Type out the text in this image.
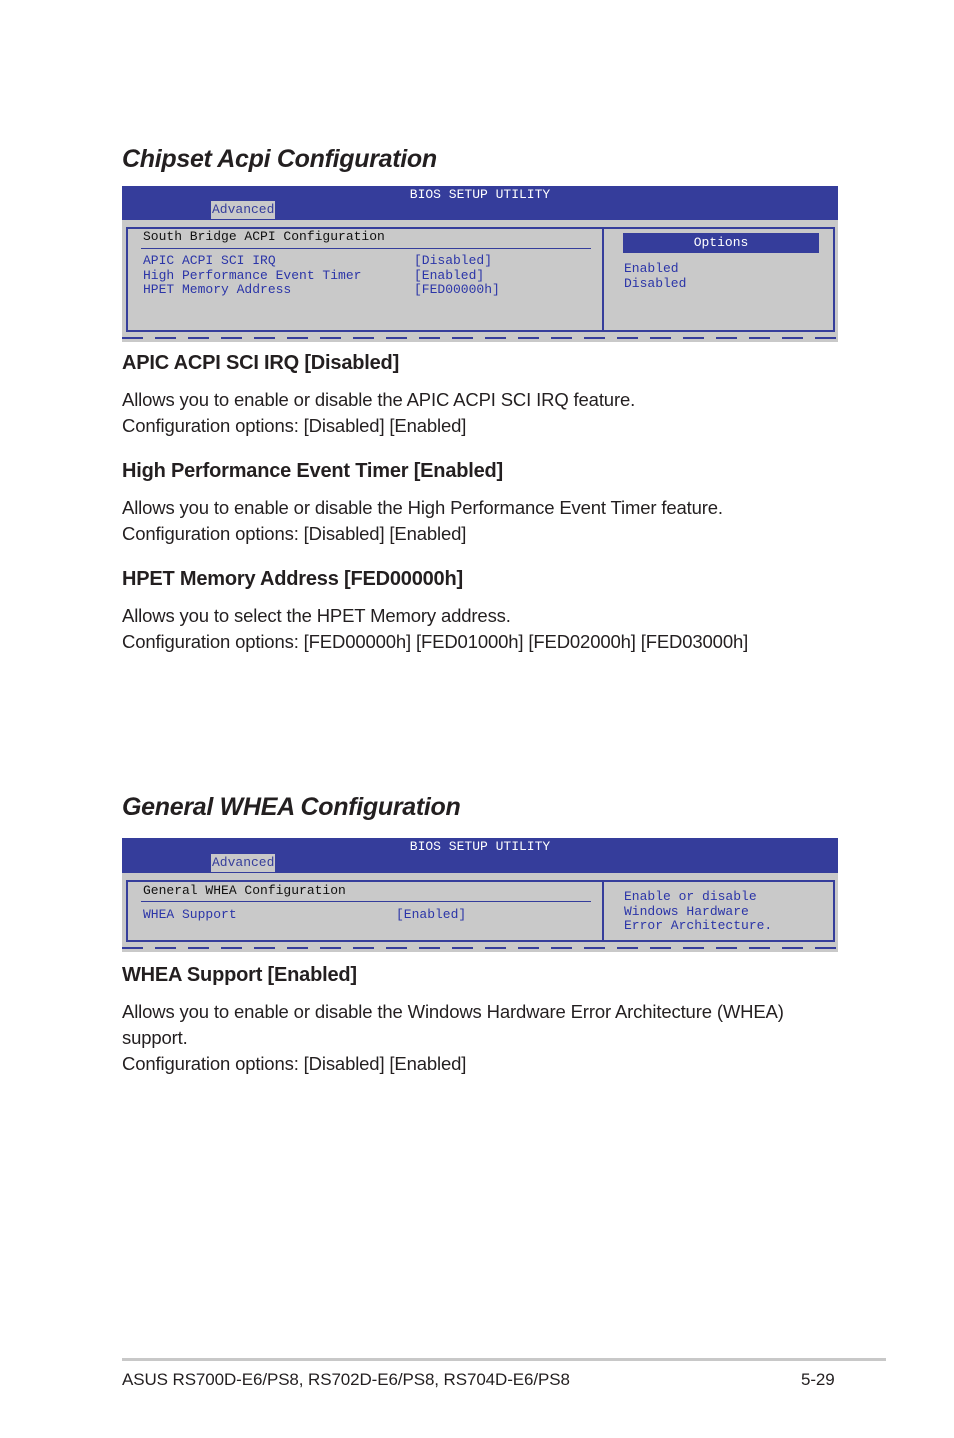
Chipset Acpi Configuration
BIOS SETUP UTILITY
Advanced
South Bridge ACPI Configuration
APIC ACPI SCI IRQ	[Disabled]
High Performance Event Timer	[Enabled]
HPET Memory Address	[FED00000h]
Options
Enabled
Disabled
APIC ACPI SCI IRQ [Disabled]

Allows you to enable or disable the APIC ACPI SCI IRQ feature.

Configuration options: [Disabled] [Enabled]

High Performance Event Timer [Enabled]

Allows you to enable or disable the High Performance Event Timer feature.

Configuration options: [Disabled] [Enabled]

HPET Memory Address [FED00000h]

Allows you to select the HPET Memory address.

Configuration options: [FED00000h] [FED01000h] [FED02000h] [FED03000h]

General WHEA Configuration
BIOS SETUP UTILITY
Advanced
General WHEA Configuration
WHEA Support	[Enabled]
Enable or disable
Windows Hardware
Error Architecture.
WHEA Support [Enabled]

Allows you to enable or disable the Windows Hardware Error Architecture (WHEA)

support.

Configuration options: [Disabled] [Enabled]

ASUS RS700D-E6/PS8, RS702D-E6/PS8, RS704D-E6/PS8	5-29
